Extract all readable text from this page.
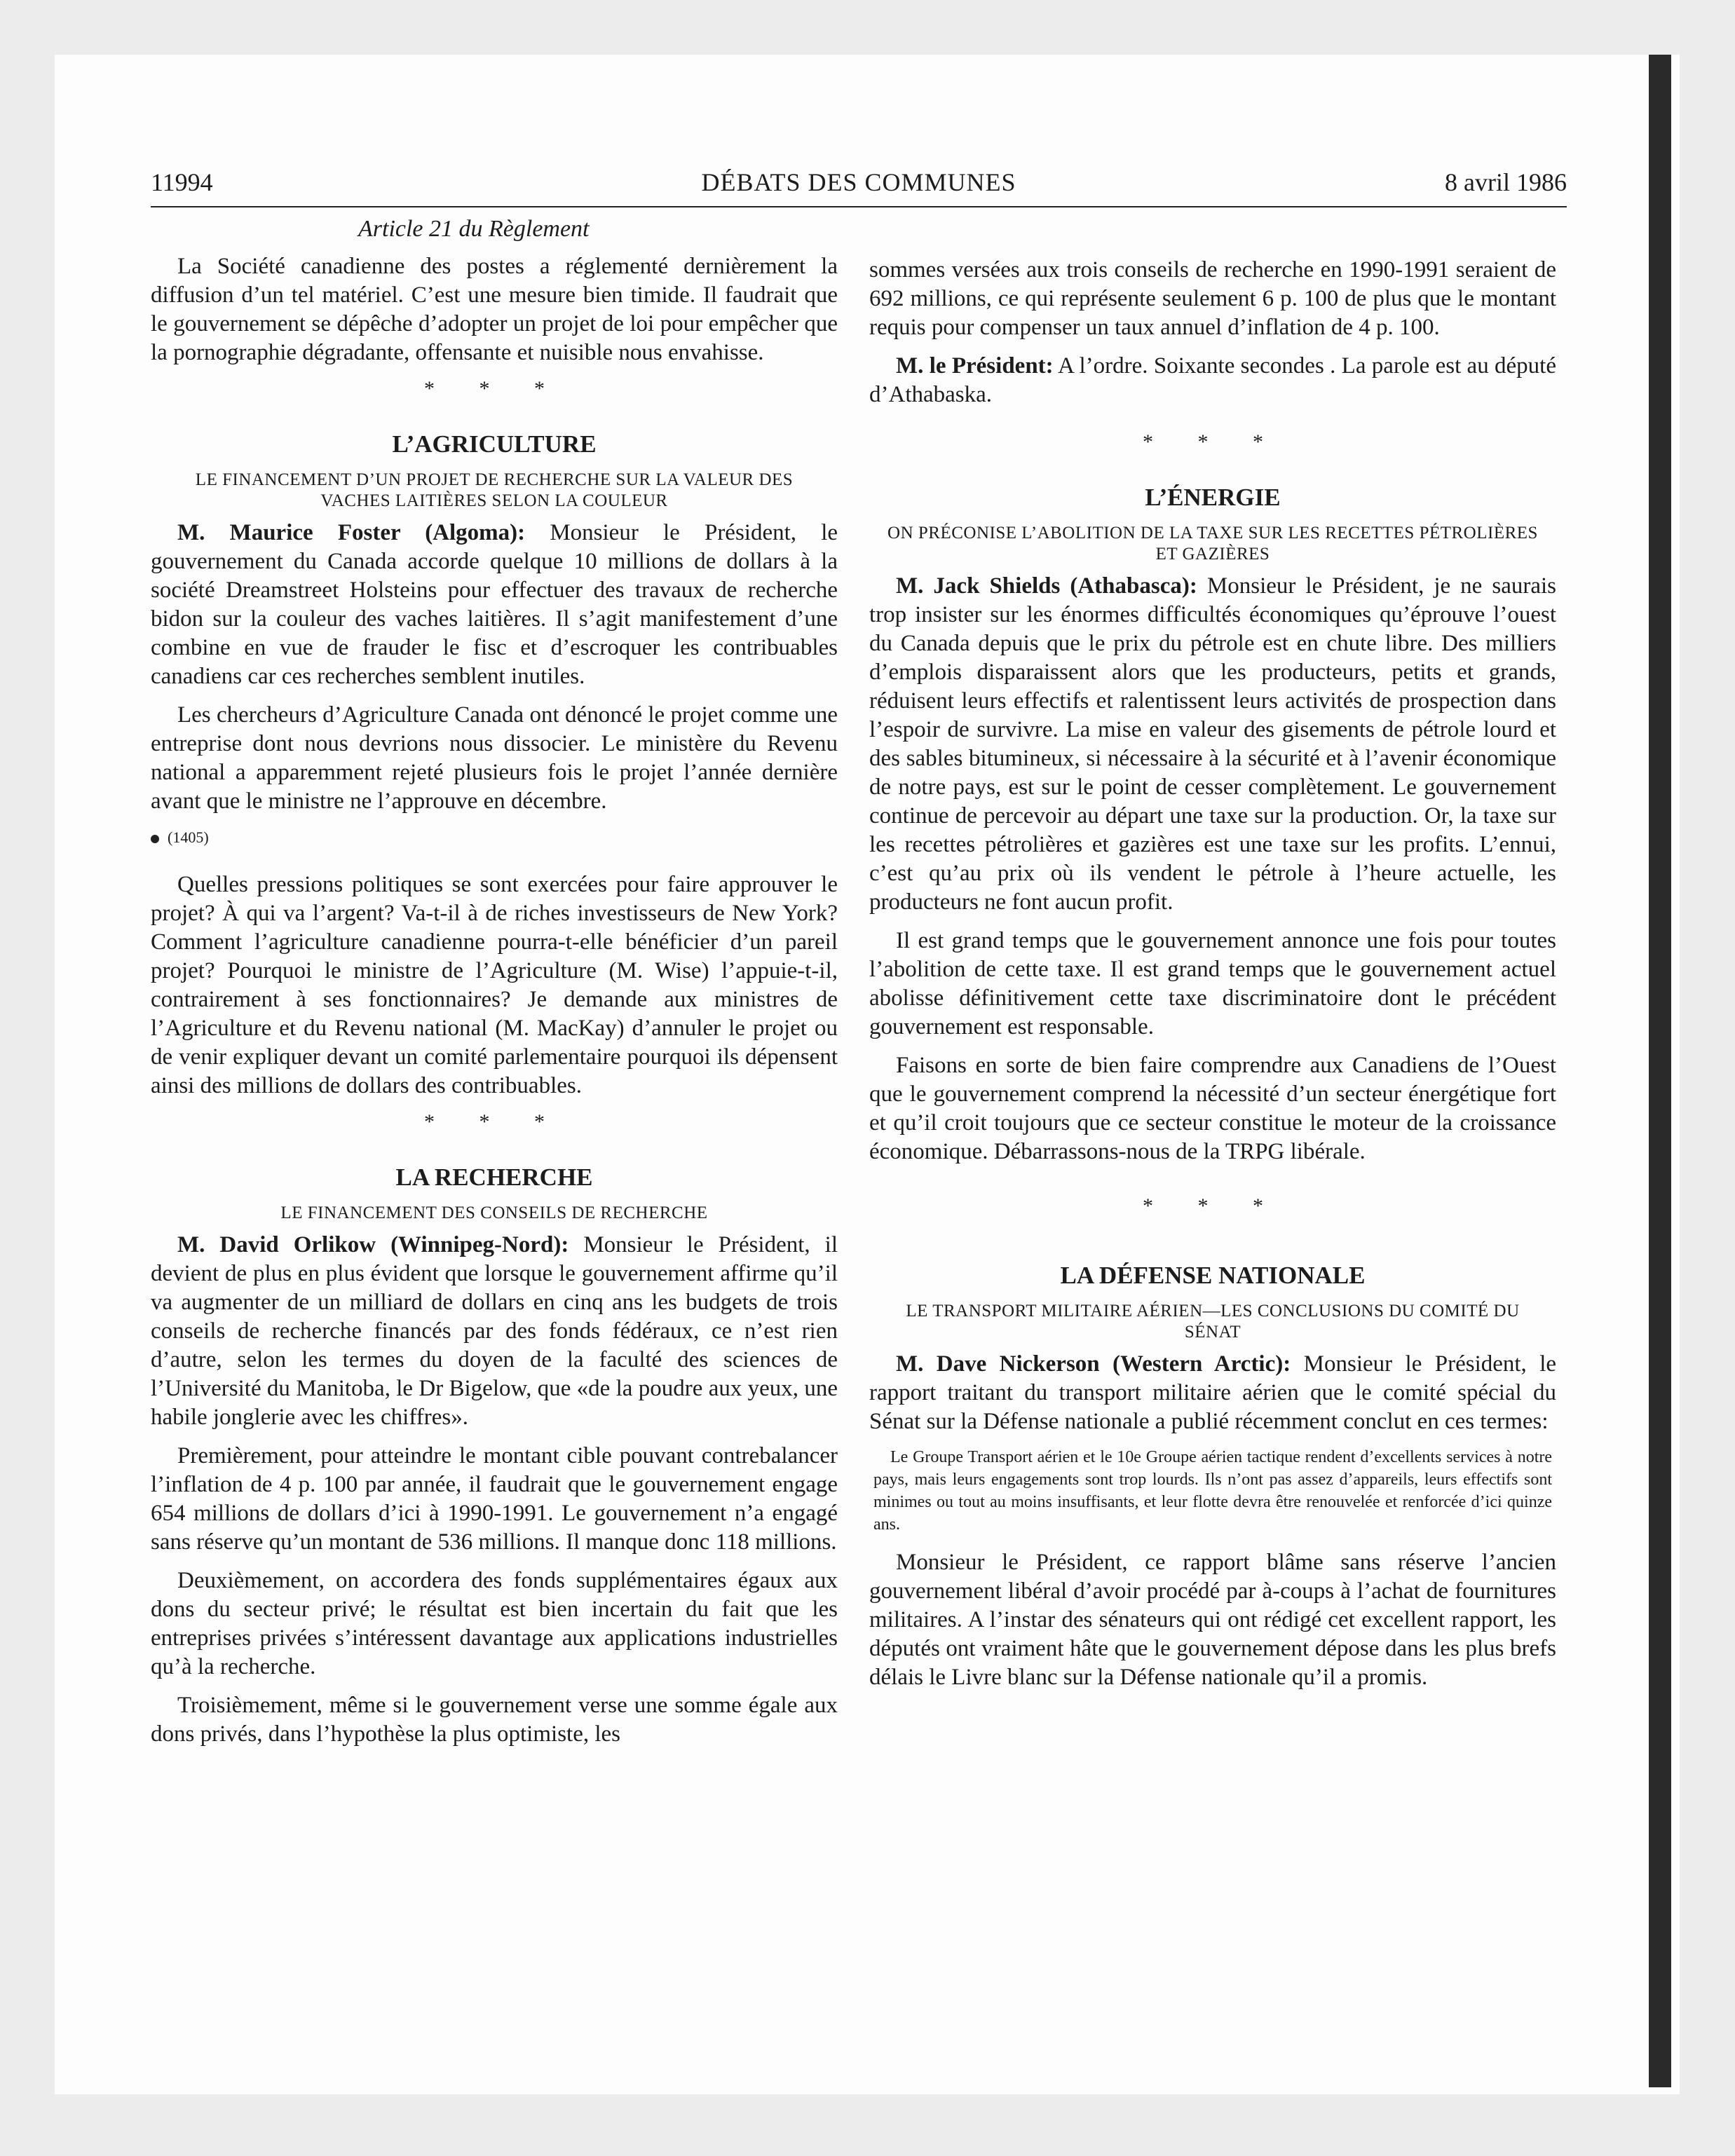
11994	DÉBATS DES COMMUNES	8 avril 1986
Article 21 du Règlement

La Société canadienne des postes a réglementé dernièrement la diffusion d’un tel matériel. C’est une mesure bien timide. Il faudrait que le gouvernement se dépêche d’adopter un projet de loi pour empêcher que la pornographie dégradante, offensante et nuisible nous envahisse.

* * *
L’AGRICULTURE
LE FINANCEMENT D’UN PROJET DE RECHERCHE SUR LA VALEUR DES VACHES LAITIÈRES SELON LA COULEUR

M. Maurice Foster (Algoma): Monsieur le Président, le gouvernement du Canada accorde quelque 10 millions de dollars à la société Dreamstreet Holsteins pour effectuer des travaux de recherche bidon sur la couleur des vaches laitières. Il s’agit manifestement d’une combine en vue de frauder le fisc et d’escroquer les contribuables canadiens car ces recherches semblent inutiles.

Les chercheurs d’Agriculture Canada ont dénoncé le projet comme une entreprise dont nous devrions nous dissocier. Le ministère du Revenu national a apparemment rejeté plusieurs fois le projet l’année dernière avant que le ministre ne l’approuve en décembre.

(1405)

Quelles pressions politiques se sont exercées pour faire approuver le projet? À qui va l’argent? Va-t-il à de riches investisseurs de New York? Comment l’agriculture canadienne pourra-t-elle bénéficier d’un pareil projet? Pourquoi le ministre de l’Agriculture (M. Wise) l’appuie-t-il, contrairement à ses fonctionnaires? Je demande aux ministres de l’Agriculture et du Revenu national (M. MacKay) d’annuler le projet ou de venir expliquer devant un comité parlementaire pourquoi ils dépensent ainsi des millions de dollars des contribuables.

* * *
LA RECHERCHE
LE FINANCEMENT DES CONSEILS DE RECHERCHE

M. David Orlikow (Winnipeg-Nord): Monsieur le Président, il devient de plus en plus évident que lorsque le gouvernement affirme qu’il va augmenter de un milliard de dollars en cinq ans les budgets de trois conseils de recherche financés par des fonds fédéraux, ce n’est rien d’autre, selon les termes du doyen de la faculté des sciences de l’Université du Manitoba, le Dr Bigelow, que «de la poudre aux yeux, une habile jonglerie avec les chiffres».

Premièrement, pour atteindre le montant cible pouvant contrebalancer l’inflation de 4 p. 100 par année, il faudrait que le gouvernement engage 654 millions de dollars d’ici à 1990-1991. Le gouvernement n’a engagé sans réserve qu’un montant de 536 millions. Il manque donc 118 millions.

Deuxièmement, on accordera des fonds supplémentaires égaux aux dons du secteur privé; le résultat est bien incertain du fait que les entreprises privées s’intéressent davantage aux applications industrielles qu’à la recherche.

Troisièmement, même si le gouvernement verse une somme égale aux dons privés, dans l’hypothèse la plus optimiste, les

sommes versées aux trois conseils de recherche en 1990-1991 seraient de 692 millions, ce qui représente seulement 6 p. 100 de plus que le montant requis pour compenser un taux annuel d’inflation de 4 p. 100.

M. le Président: A l’ordre. Soixante secondes . La parole est au député d’Athabaska.

* * *
L’ÉNERGIE
ON PRÉCONISE L’ABOLITION DE LA TAXE SUR LES RECETTES PÉTROLIÈRES ET GAZIÈRES

M. Jack Shields (Athabasca): Monsieur le Président, je ne saurais trop insister sur les énormes difficultés économiques qu’éprouve l’ouest du Canada depuis que le prix du pétrole est en chute libre. Des milliers d’emplois disparaissent alors que les producteurs, petits et grands, réduisent leurs effectifs et ralentissent leurs activités de prospection dans l’espoir de survivre. La mise en valeur des gisements de pétrole lourd et des sables bitumineux, si nécessaire à la sécurité et à l’avenir économique de notre pays, est sur le point de cesser complètement. Le gouvernement continue de percevoir au départ une taxe sur la production. Or, la taxe sur les recettes pétrolières et gazières est une taxe sur les profits. L’ennui, c’est qu’au prix où ils vendent le pétrole à l’heure actuelle, les producteurs ne font aucun profit.

Il est grand temps que le gouvernement annonce une fois pour toutes l’abolition de cette taxe. Il est grand temps que le gouvernement actuel abolisse définitivement cette taxe discriminatoire dont le précédent gouvernement est responsable.

Faisons en sorte de bien faire comprendre aux Canadiens de l’Ouest que le gouvernement comprend la nécessité d’un secteur énergétique fort et qu’il croit toujours que ce secteur constitue le moteur de la croissance économique. Débarrassons-nous de la TRPG libérale.

* * *
LA DÉFENSE NATIONALE
LE TRANSPORT MILITAIRE AÉRIEN—LES CONCLUSIONS DU COMITÉ DU SÉNAT

M. Dave Nickerson (Western Arctic): Monsieur le Président, le rapport traitant du transport militaire aérien que le comité spécial du Sénat sur la Défense nationale a publié récemment conclut en ces termes:

Le Groupe Transport aérien et le 10e Groupe aérien tactique rendent d’excellents services à notre pays, mais leurs engagements sont trop lourds. Ils n’ont pas assez d’appareils, leurs effectifs sont minimes ou tout au moins insuffisants, et leur flotte devra être renouvelée et renforcée d’ici quinze ans.

Monsieur le Président, ce rapport blâme sans réserve l’ancien gouvernement libéral d’avoir procédé par à-coups à l’achat de fournitures militaires. A l’instar des sénateurs qui ont rédigé cet excellent rapport, les députés ont vraiment hâte que le gouvernement dépose dans les plus brefs délais le Livre blanc sur la Défense nationale qu’il a promis.
